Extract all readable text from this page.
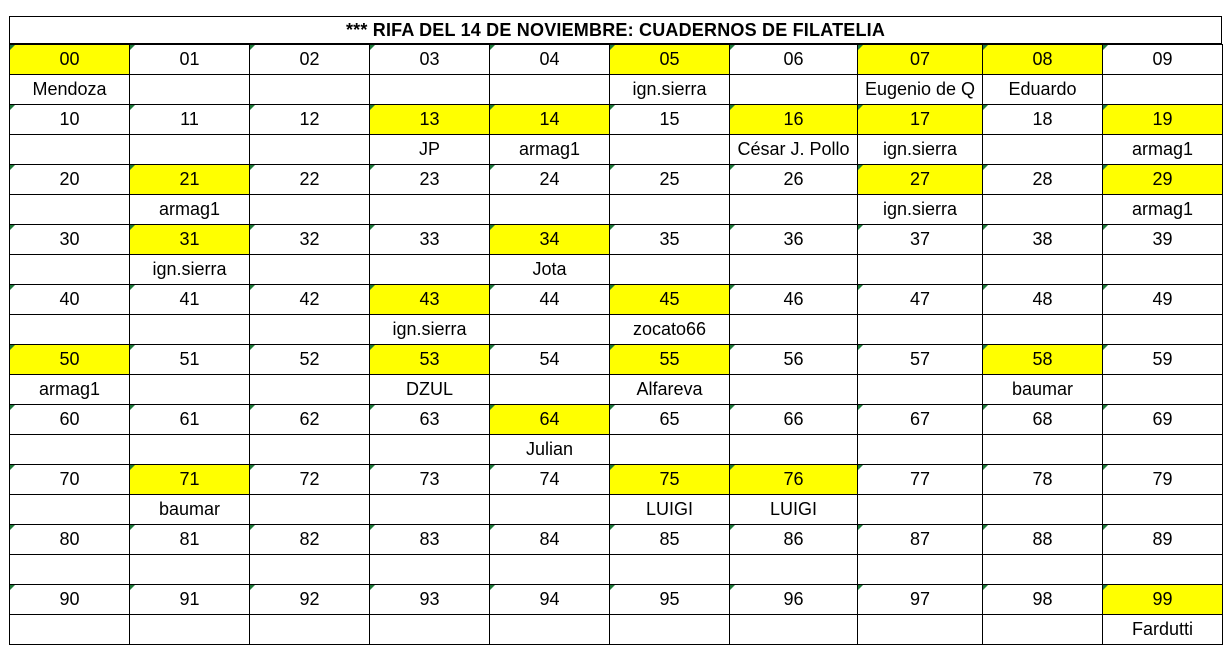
*** RIFA DEL 14 DE NOVIEMBRE: CUADERNOS DE FILATELIA
00	01	02	03	04	05	06	07	08	09
Mendoza					ign.sierra		Eugenio de Q	Eduardo	
10	11	12	13	14	15	16	17	18	19
			JP	armag1		César J. Pollo	ign.sierra		armag1
20	21	22	23	24	25	26	27	28	29
	armag1						ign.sierra		armag1
30	31	32	33	34	35	36	37	38	39
	ign.sierra			Jota					
40	41	42	43	44	45	46	47	48	49
			ign.sierra		zocato66				
50	51	52	53	54	55	56	57	58	59
armag1			DZUL		Alfareva			baumar	
60	61	62	63	64	65	66	67	68	69
				Julian					
70	71	72	73	74	75	76	77	78	79
	baumar				LUIGI	LUIGI			
80	81	82	83	84	85	86	87	88	89

90	91	92	93	94	95	96	97	98	99
									Fardutti
